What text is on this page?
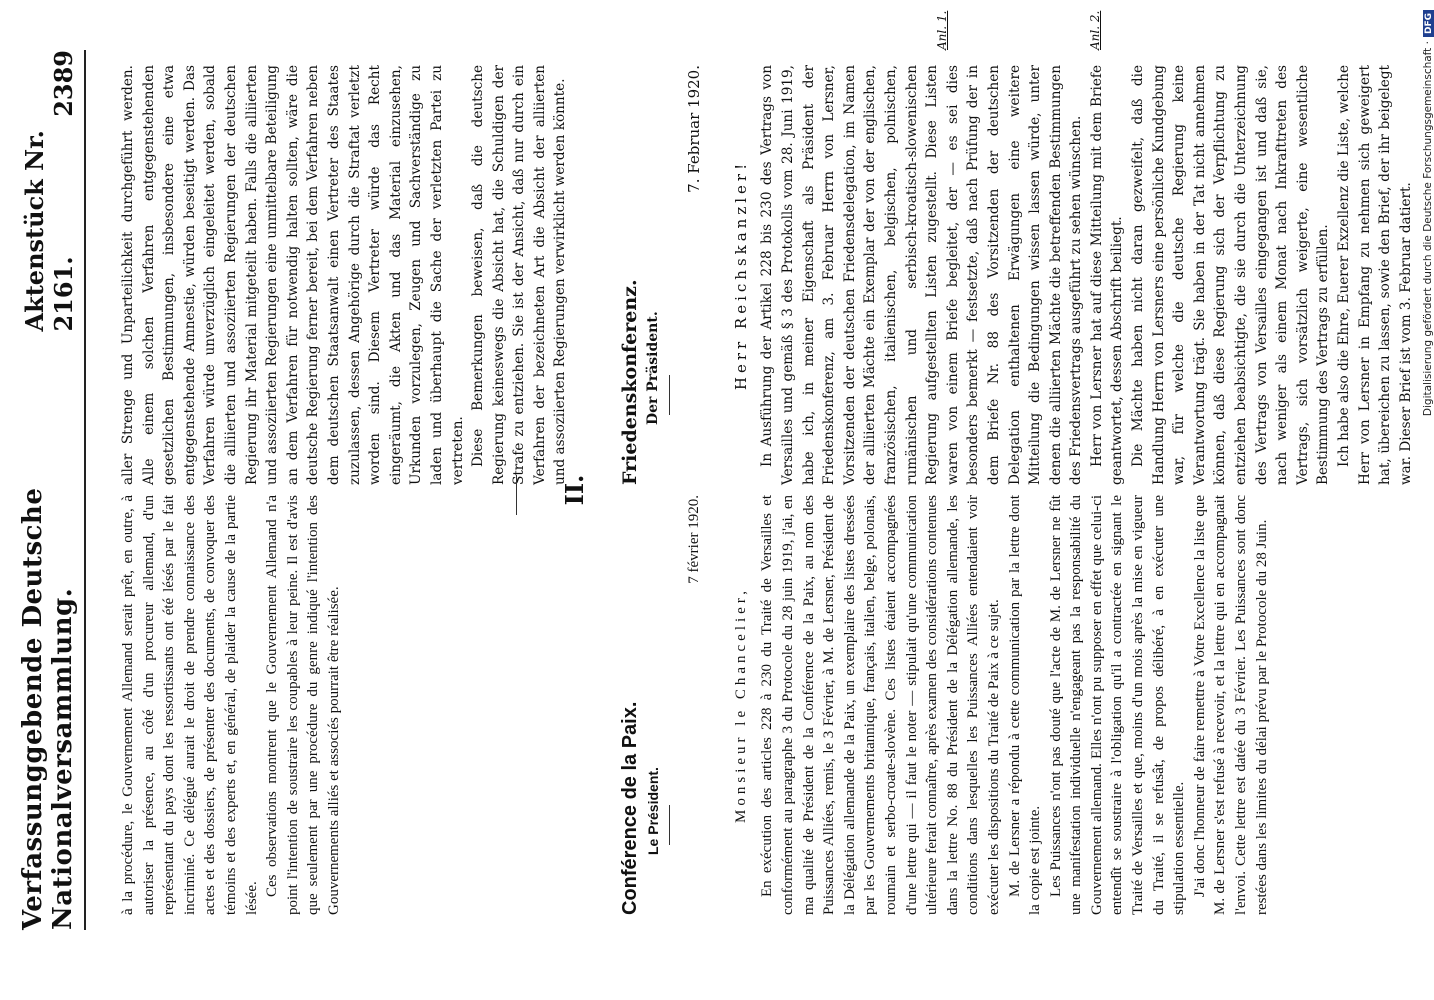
Verfassunggebende Deutsche Nationalversammlung.
Aktenstück Nr. 2161.
2389

à la procédure, le Gouvernement Allemand serait prêt, en outre, à autoriser la présence, au côté d'un procureur allemand, d'un représentant du pays dont les ressortissants ont été lésés par le fait incriminé. Ce délégué aurait le droit de prendre connaissance des actes et des dossiers, de présenter des documents, de convoquer des témoins et des experts et, en général, de plaider la cause de la partie lésée.

Ces observations montrent que le Gouvernement Allemand n'a point l'intention de soustraire les coupables à leur peine. Il est d'avis que seulement par une procédure du genre indiqué l'intention des Gouvernements alliés et associés pourrait être réalisée.

aller Strenge und Unparteilichkeit durchgeführt werden. Alle einem solchen Verfahren entgegenstehenden gesetzlichen Bestimmungen, insbesondere eine etwa entgegenstehende Amnestie, würden beseitigt werden. Das Verfahren würde unverzüglich eingeleitet werden, sobald die alliierten und assoziierten Regierungen der deutschen Regierung ihr Material mitgeteilt haben. Falls die alliierten und assoziierten Regierungen eine unmittelbare Beteiligung an dem Verfahren für notwendig halten sollten, wäre die deutsche Regierung ferner bereit, bei dem Verfahren neben dem deutschen Staatsanwalt einen Vertreter des Staates zuzulassen, dessen Angehörige durch die Straftat verletzt worden sind. Diesem Vertreter würde das Recht eingeräumt, die Akten und das Material einzusehen, Urkunden vorzulegen, Zeugen und Sachverständige zu laden und überhaupt die Sache der verletzten Partei zu vertreten. Diese Bemerkungen beweisen, daß die deutsche Regierung keineswegs die Absicht hat, die Schuldigen der Strafe zu entziehen. Sie ist der Ansicht, daß nur durch ein Verfahren der bezeichneten Art die Absicht der alliierten und assoziierten Regierungen verwirklicht werden könnte.

II.
Conférence de la Paix. Le Président.
7 février 1920.
Monsieur le Chancelier, En exécution des articles 228 à 230 du Traité de Versailles et conformément au paragraphe 3 du Protocole du 28 juin 1919, j'ai, en ma qualité de Président de la Conférence de la Paix, au nom des Puissances Alliées, remis, le 3 Février, à M. de Lersner, Président de la Délégation allemande de la Paix, un exemplaire des listes dressées par les Gouvernements britannique, français, italien, belge, polonais, roumain et serbo-croate-slovène. Ces listes étaient accompagnées d'une lettre qui — il faut le noter — stipulait qu'une communication ultérieure ferait connaître, après examen des considérations contenues dans la lettre No. 88 du Président de la Délégation allemande, les conditions dans lesquelles les Puissances Alliées entendaient voir exécuter les dispositions du Traité de Paix à ce sujet. M. de Lersner a répondu à cette communication par la lettre dont la copie est jointe. Les Puissances n'ont pas douté que l'acte de M. de Lersner ne fût une manifestation individuelle n'engageant pas la responsabilité du Gouvernement allemand. Elles n'ont pu supposer en effet que celui-ci entendît se soustraire à l'obligation qu'il a contractée en signant le Traité de Versailles et que, moins d'un mois après la mise en vigueur du Traité, il se refusât, de propos délibéré, à en exécuter une stipulation essentielle. J'ai donc l'honneur de faire remettre à Votre Excellence la liste que M. de Lersner s'est refusé à recevoir, et la lettre qui en accompagnait l'envoi. Cette lettre est datée du 3 Février. Les Puissances sont donc restées dans les limites du délai prévu par le Protocole du 28 Juin.

Friedenskonferenz. Der Präsident.
7. Februar 1920.
Herr Reichskanzler! In Ausführung der Artikel 228 bis 230 des Vertrags von Versailles und gemäß § 3 des Protokolls vom 28. Juni 1919, habe ich, in meiner Eigenschaft als Präsident der Friedenskonferenz, am 3. Februar Herrn von Lersner, Vorsitzenden der deutschen Friedensdelegation, im Namen der alliierten Mächte ein Exemplar der von der englischen, französischen, italienischen, belgischen, polnischen, rumänischen und serbisch-kroatisch-slowenischen Regierung aufgestellten Listen zugestellt. Diese Listen waren von einem Briefe begleitet, der — es sei dies besonders bemerkt — festsetzte, daß nach Prüfung der in dem Briefe Nr. 88 des Vorsitzenden der deutschen Delegation enthaltenen Erwägungen eine weitere Mitteilung die Bedingungen wissen lassen würde, unter denen die alliierten Mächte die betreffenden Bestimmungen des Friedensvertrags ausgeführt zu sehen wünschen. Herr von Lersner hat auf diese Mitteilung mit dem Briefe geantwortet, dessen Abschrift beiliegt. Die Mächte haben nicht daran gezweifelt, daß die Handlung Herrn von Lersners eine persönliche Kundgebung war, für welche die deutsche Regierung keine Verantwortung trägt. Sie haben in der Tat nicht annehmen können, daß diese Regierung sich der Verpflichtung zu entziehen beabsichtigte, die sie durch die Unterzeichnung des Vertrags von Versailles eingegangen ist und daß sie, nach weniger als einem Monat nach Inkrafttreten des Vertrags, sich vorsätzlich weigerte, eine wesentliche Bestimmung des Vertrags zu erfüllen. Ich habe also die Ehre, Euerer Exzellenz die Liste, welche Herr von Lersner in Empfang zu nehmen sich geweigert hat, übereichen zu lassen, sowie den Brief, der ihr beigelegt war. Dieser Brief ist vom 3. Februar datiert.

Anl. 1.	Anl. 2.
Digitalisierung gefördert durch die Deutsche Forschungsgemeinschaft ·DFG
